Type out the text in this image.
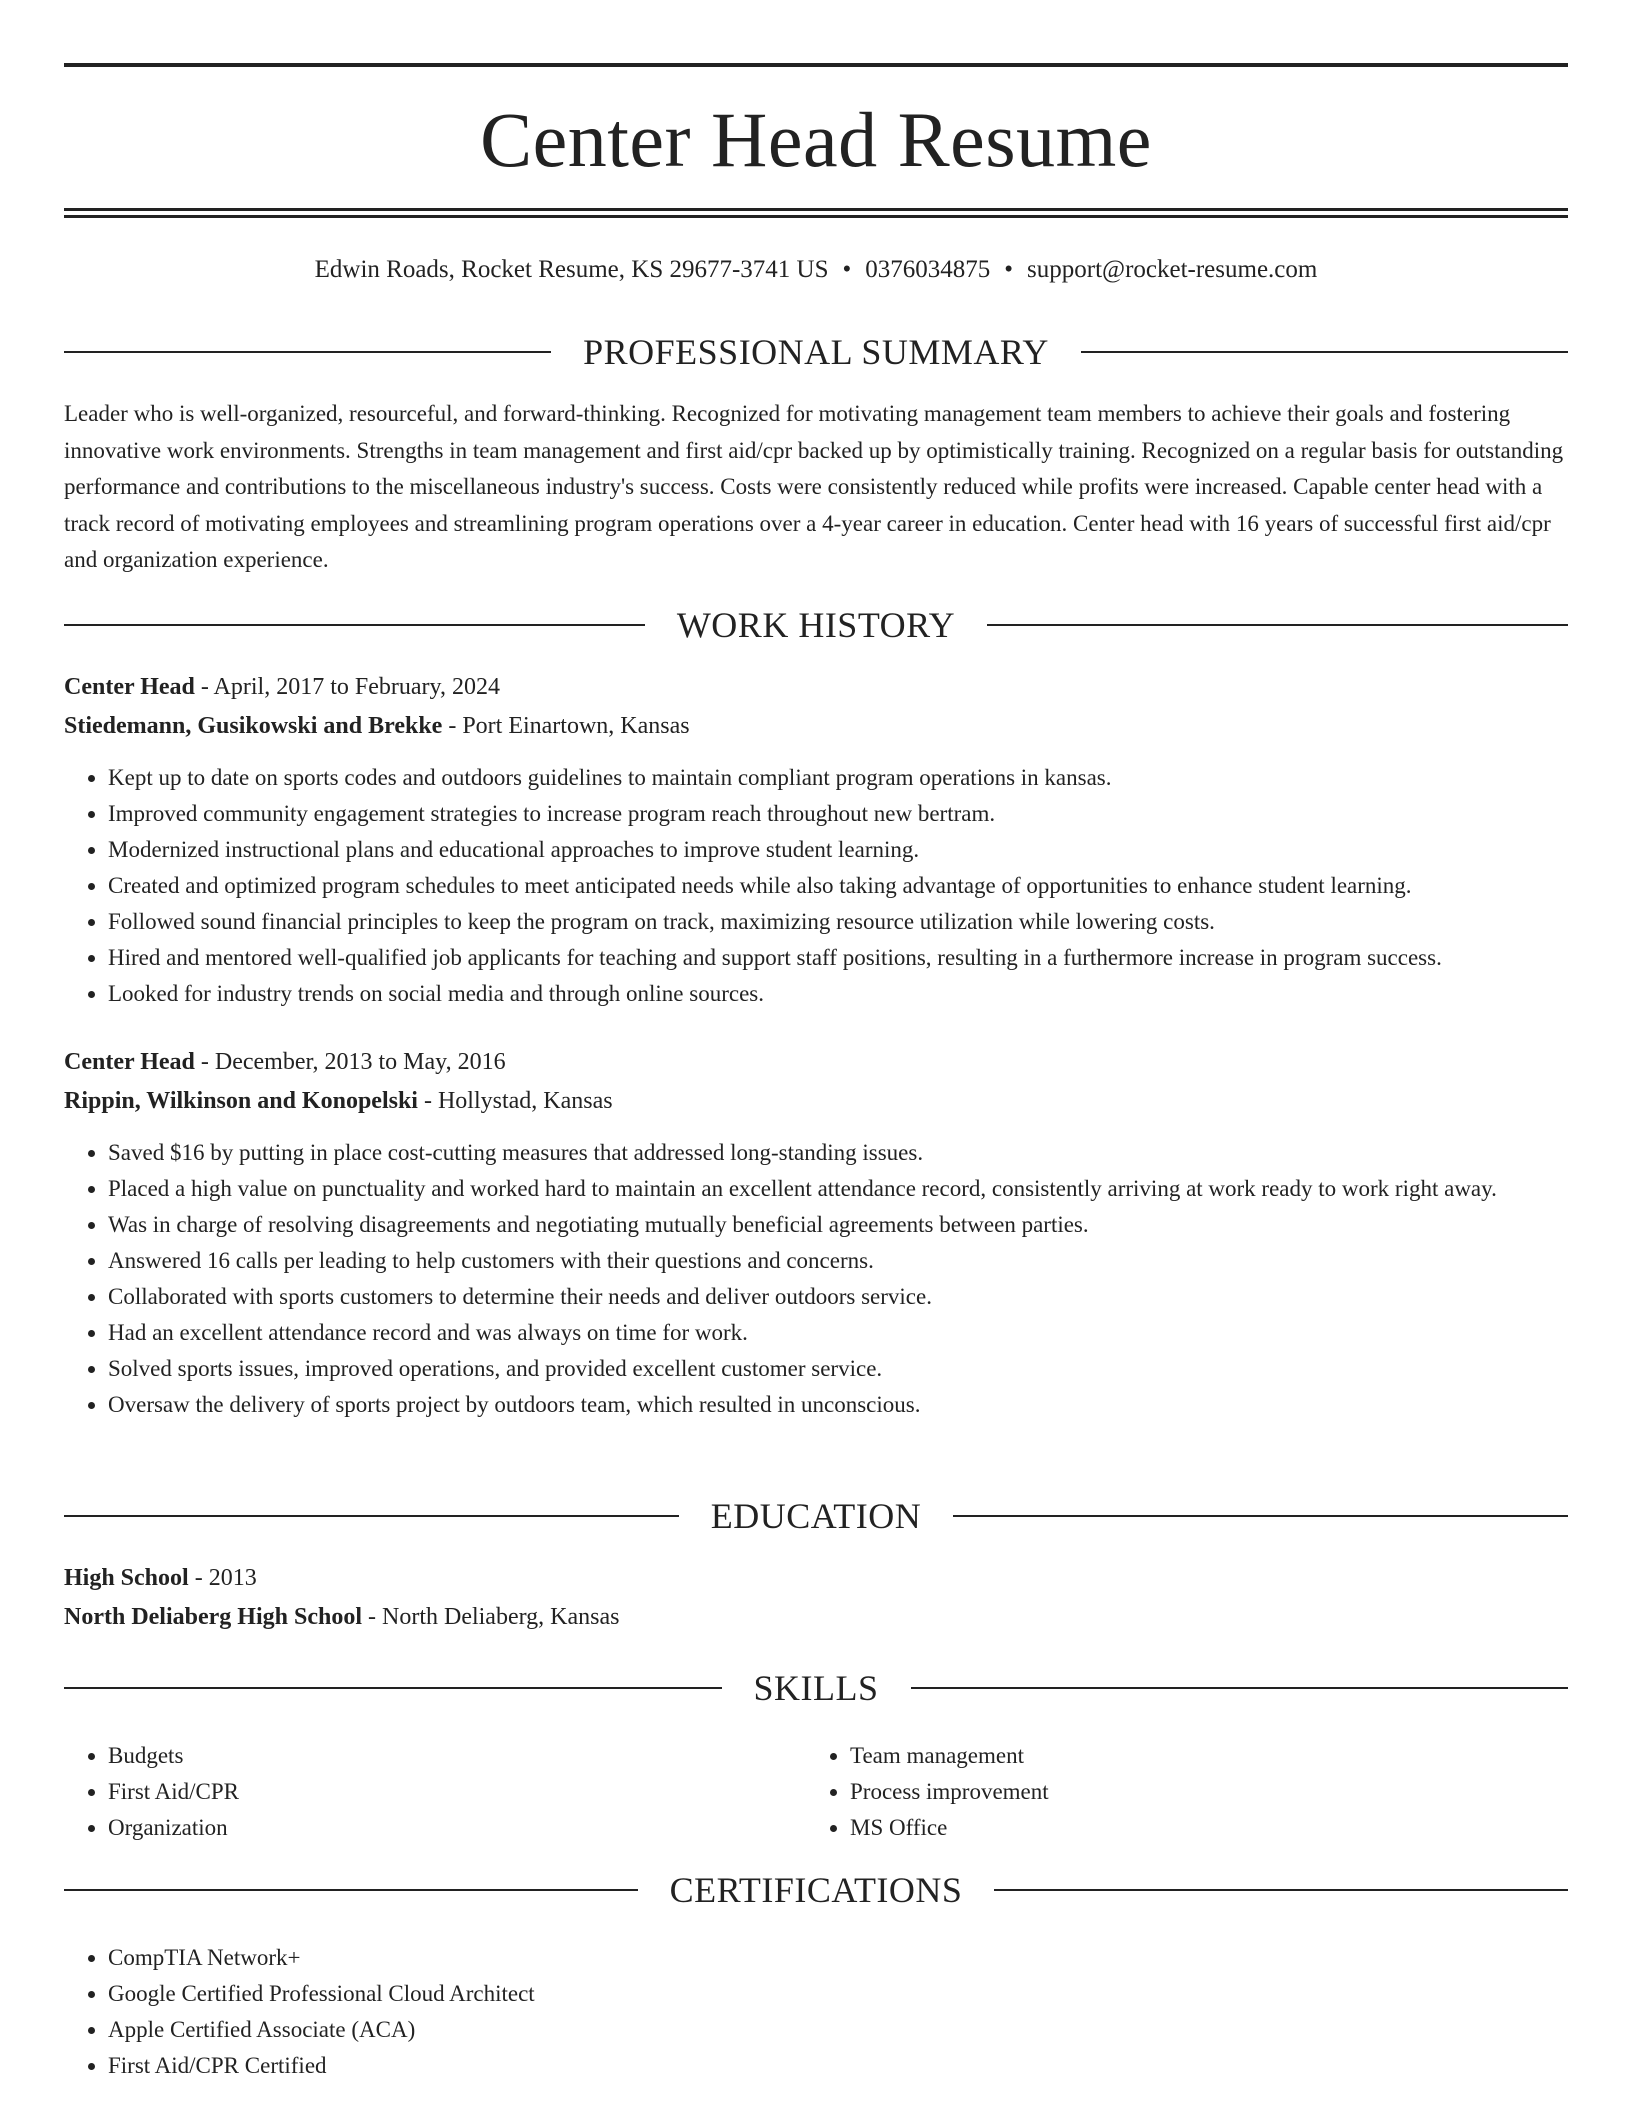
Center Head Resume
Edwin Roads, Rocket Resume, KS 29677-3741 US • 0376034875 • support@rocket-resume.com
PROFESSIONAL SUMMARY

Leader who is well-organized, resourceful, and forward-thinking. Recognized for motivating management team members to achieve their goals and fostering innovative work environments. Strengths in team management and first aid/cpr backed up by optimistically training. Recognized on a regular basis for outstanding performance and contributions to the miscellaneous industry's success. Costs were consistently reduced while profits were increased. Capable center head with a track record of motivating employees and streamlining program operations over a 4-year career in education. Center head with 16 years of successful first aid/cpr and organization experience.

WORK HISTORY

Center Head - April, 2017 to February, 2024

Stiedemann, Gusikowski and Brekke - Port Einartown, Kansas

• Kept up to date on sports codes and outdoors guidelines to maintain compliant program operations in kansas.
• Improved community engagement strategies to increase program reach throughout new bertram.
• Modernized instructional plans and educational approaches to improve student learning.
• Created and optimized program schedules to meet anticipated needs while also taking advantage of opportunities to enhance student learning.
• Followed sound financial principles to keep the program on track, maximizing resource utilization while lowering costs.
• Hired and mentored well-qualified job applicants for teaching and support staff positions, resulting in a furthermore increase in program success.
• Looked for industry trends on social media and through online sources.

Center Head - December, 2013 to May, 2016

Rippin, Wilkinson and Konopelski - Hollystad, Kansas

• Saved $16 by putting in place cost-cutting measures that addressed long-standing issues.
• Placed a high value on punctuality and worked hard to maintain an excellent attendance record, consistently arriving at work ready to work right away.
• Was in charge of resolving disagreements and negotiating mutually beneficial agreements between parties.
• Answered 16 calls per leading to help customers with their questions and concerns.
• Collaborated with sports customers to determine their needs and deliver outdoors service.
• Had an excellent attendance record and was always on time for work.
• Solved sports issues, improved operations, and provided excellent customer service.
• Oversaw the delivery of sports project by outdoors team, which resulted in unconscious.
EDUCATION

High School - 2013

North Deliaberg High School - North Deliaberg, Kansas

SKILLS
• Budgets
• First Aid/CPR
• Organization
• Team management
• Process improvement
• MS Office
CERTIFICATIONS
• CompTIA Network+
• Google Certified Professional Cloud Architect
• Apple Certified Associate (ACA)
• First Aid/CPR Certified
